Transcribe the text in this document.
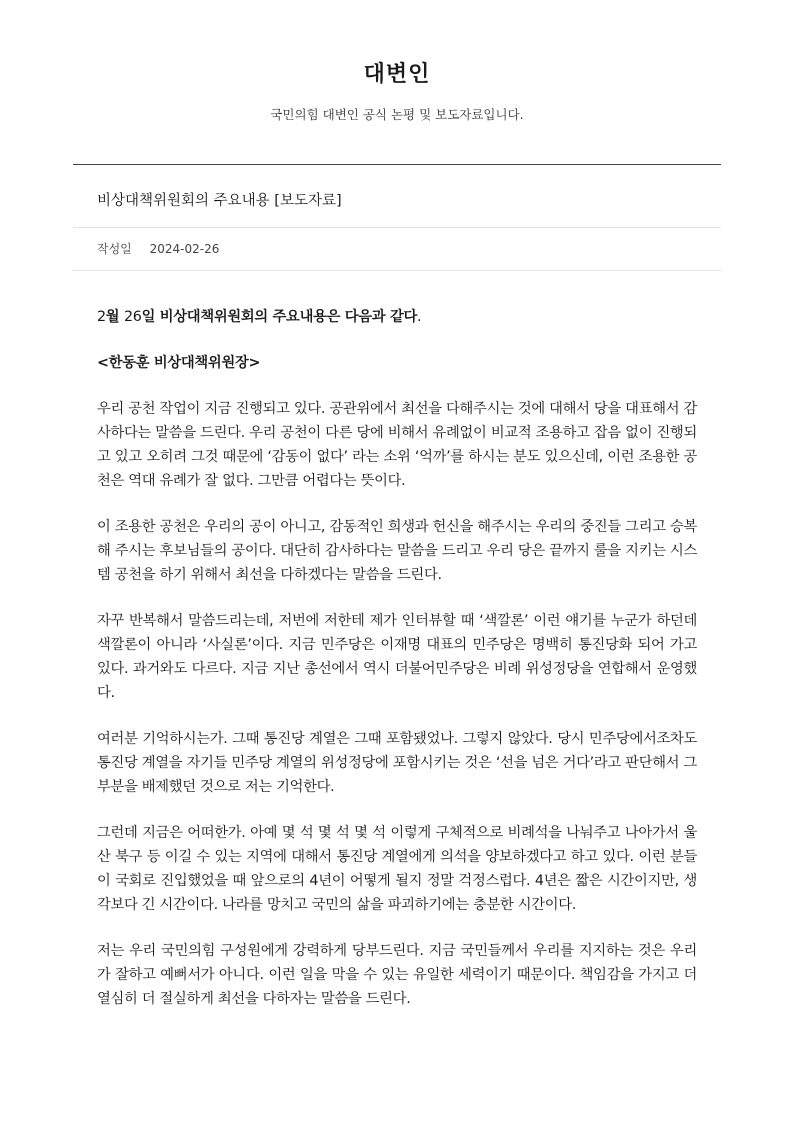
대변인
국민의힘 대변인 공식 논평 및 보도자료입니다.
비상대책위원회의 주요내용 [보도자료]
작성일 2024-02-26

2월 26일 비상대책위원회의 주요내용은 다음과 같다.

<한동훈 비상대책위원장>

우리 공천 작업이 지금 진행되고 있다. 공관위에서 최선을 다해주시는 것에 대해서 당을 대표해서 감사하다는 말씀을 드린다. 우리 공천이 다른 당에 비해서 유례없이 비교적 조용하고 잡음 없이 진행되고 있고 오히려 그것 때문에 ‘감동이 없다’ 라는 소위 ‘억까’를 하시는 분도 있으신데, 이런 조용한 공천은 역대 유례가 잘 없다. 그만큼 어렵다는 뜻이다.

이 조용한 공천은 우리의 공이 아니고, 감동적인 희생과 헌신을 해주시는 우리의 중진들 그리고 승복해 주시는 후보님들의 공이다. 대단히 감사하다는 말씀을 드리고 우리 당은 끝까지 룰을 지키는 시스템 공천을 하기 위해서 최선을 다하겠다는 말씀을 드린다.

자꾸 반복해서 말씀드리는데, 저번에 저한테 제가 인터뷰할 때 ‘색깔론’ 이런 얘기를 누군가 하던데 색깔론이 아니라 ‘사실론’이다. 지금 민주당은 이재명 대표의 민주당은 명백히 통진당화 되어 가고 있다. 과거와도 다르다. 지금 지난 총선에서 역시 더불어민주당은 비례 위성정당을 연합해서 운영했다.

여러분 기억하시는가. 그때 통진당 계열은 그때 포함됐었나. 그렇지 않았다. 당시 민주당에서조차도 통진당 계열을 자기들 민주당 계열의 위성정당에 포함시키는 것은 ‘선을 넘은 거다’라고 판단해서 그 부분을 배제했던 것으로 저는 기억한다.

그런데 지금은 어떠한가. 아예 몇 석 몇 석 몇 석 이렇게 구체적으로 비례석을 나눠주고 나아가서 울산 북구 등 이길 수 있는 지역에 대해서 통진당 계열에게 의석을 양보하겠다고 하고 있다. 이런 분들이 국회로 진입했었을 때 앞으로의 4년이 어떻게 될지 정말 걱정스럽다. 4년은 짧은 시간이지만, 생각보다 긴 시간이다. 나라를 망치고 국민의 삶을 파괴하기에는 충분한 시간이다.

저는 우리 국민의힘 구성원에게 강력하게 당부드린다. 지금 국민들께서 우리를 지지하는 것은 우리가 잘하고 예뻐서가 아니다. 이런 일을 막을 수 있는 유일한 세력이기 때문이다. 책임감을 가지고 더 열심히 더 절실하게 최선을 다하자는 말씀을 드린다.
